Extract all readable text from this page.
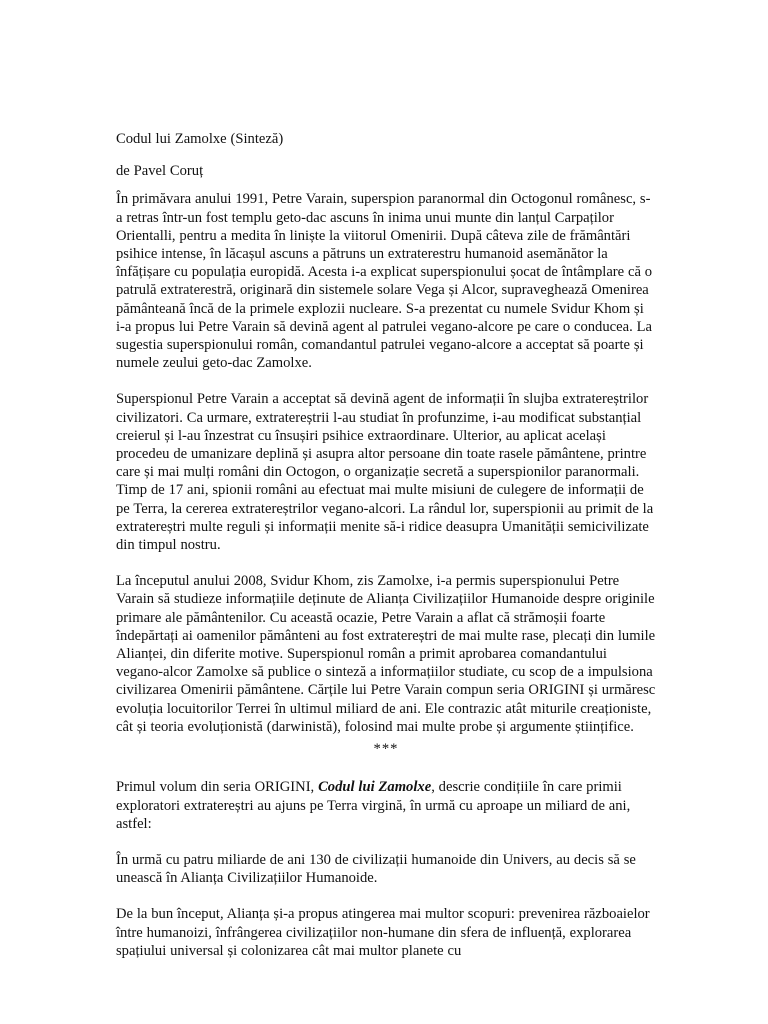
Codul lui Zamolxe (Sinteză)

de Pavel Coruț

În primăvara anului 1991, Petre Varain, superspion paranormal din Octogonul românesc, s-a retras într-un fost templu geto-dac ascuns în inima unui munte din lanțul Carpaților Orientalli, pentru a medita în liniște la viitorul Omenirii. După câteva zile de frământări psihice intense, în lăcașul ascuns a pătruns un extraterestru humanoid asemănător la înfățișare cu populația europidă. Acesta i-a explicat superspionului șocat de întâmplare că o patrulă extraterestră, originară din sistemele solare Vega și Alcor, supraveghează Omenirea pământeană încă de la primele explozii nucleare. S-a prezentat cu numele Svidur Khom și i-a propus lui Petre Varain să devină agent al patrulei vegano-alcore pe care o conducea. La sugestia superspionului român, comandantul patrulei vegano-alcore a acceptat să poarte și numele zeului geto-dac Zamolxe.

Superspionul Petre Varain a acceptat să devină agent de informații în slujba extratereștrilor civilizatori. Ca urmare, extratereștrii l-au studiat în profunzime, i-au modificat substanțial creierul și l-au înzestrat cu însușiri psihice extraordinare. Ulterior, au aplicat același procedeu de umanizare deplină și asupra altor persoane din toate rasele pământene, printre care și mai mulți români din Octogon, o organizație secretă a superspionilor paranormali. Timp de 17 ani, spionii români au efectuat mai multe misiuni de culegere de informații de pe Terra, la cererea extratereștrilor vegano-alcori. La rândul lor, superspionii au primit de la extratereștri multe reguli și informații menite să-i ridice deasupra Umanității semicivilizate din timpul nostru.

La începutul anului 2008, Svidur Khom, zis Zamolxe, i-a permis superspionului Petre Varain să studieze informațiile deținute de Alianța Civilizațiilor Humanoide despre originile primare ale pământenilor. Cu această ocazie, Petre Varain a aflat că strămoșii foarte îndepărtați ai oamenilor pământeni au fost extratereștri de mai multe rase, plecați din lumile Alianței, din diferite motive. Superspionul român a primit aprobarea comandantului vegano-alcor Zamolxe să publice o sinteză a informațiilor studiate, cu scop de a impulsiona civilizarea Omenirii pământene. Cărțile lui Petre Varain compun seria ORIGINI și urmăresc evoluția locuitorilor Terrei în ultimul miliard de ani. Ele contrazic atât miturile creaționiste, cât și teoria evoluționistă (darwinistă), folosind mai multe probe și argumente științifice.

***

Primul volum din seria ORIGINI, Codul lui Zamolxe, descrie condițiile în care primii exploratori extratereștri au ajuns pe Terra virgină, în urmă cu aproape un miliard de ani, astfel:

În urmă cu patru miliarde de ani 130 de civilizații humanoide din Univers, au decis să se unească în Alianța Civilizațiilor Humanoide.

De la bun început, Alianța și-a propus atingerea mai multor scopuri: prevenirea războaielor între humanoizi, înfrângerea civilizațiilor non-humane din sfera de influență, explorarea spațiului universal și colonizarea cât mai multor planete cu
